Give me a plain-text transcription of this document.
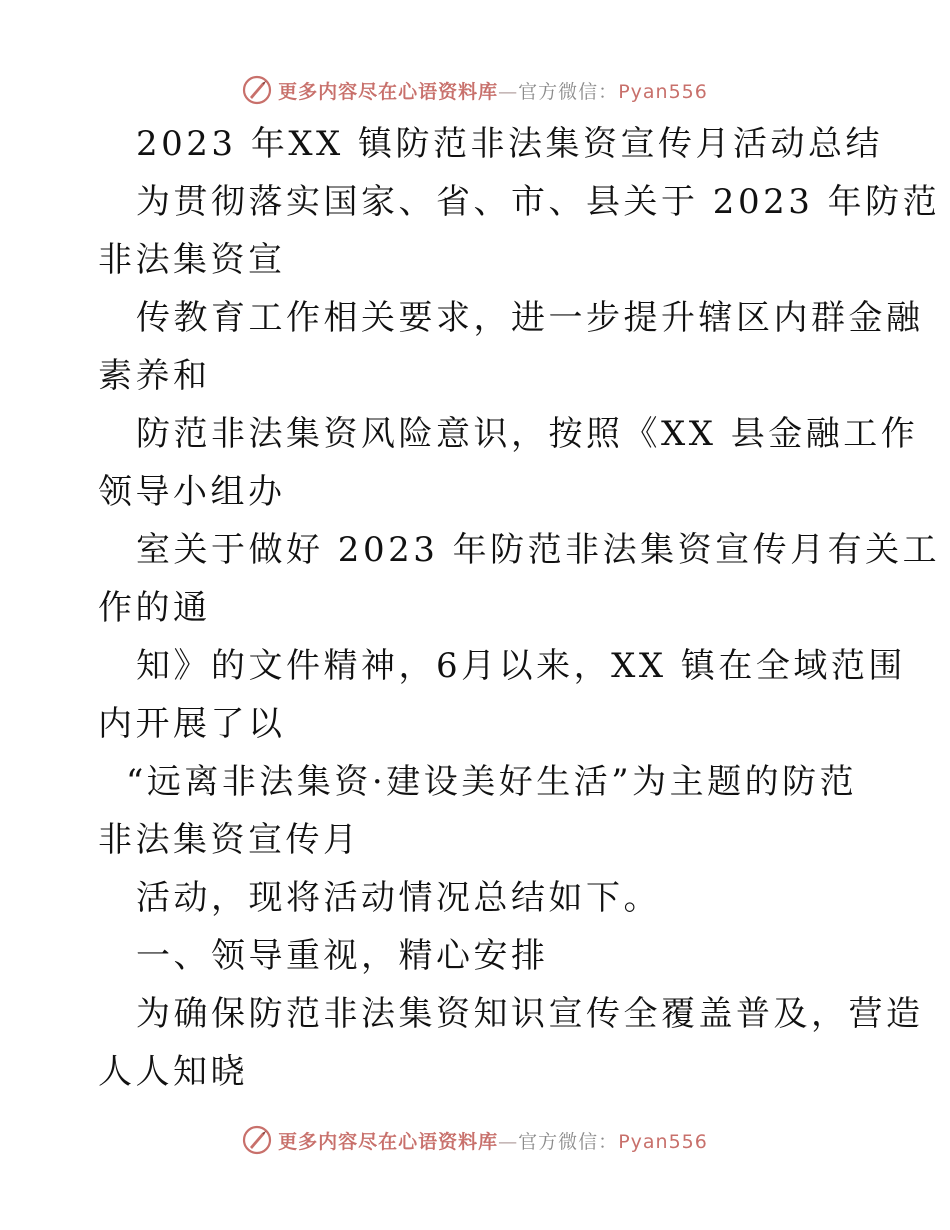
更多内容尽在心语资料库—官方微信：Pyan556
2023 年XX 镇防范非法集资宣传月活动总结
为贯彻落实国家、省、市、县关于 2023 年防范
非法集资宣
传教育工作相关要求，进一步提升辖区内群金融
素养和
防范非法集资风险意识，按照《XX 县金融工作
领导小组办
室关于做好 2023 年防范非法集资宣传月有关工
作的通
知》的文件精神，6月以来，XX 镇在全域范围
内开展了以
“远离非法集资·建设美好生活”为主题的防范
非法集资宣传月
活动，现将活动情况总结如下。
一、领导重视，精心安排
为确保防范非法集资知识宣传全覆盖普及，营造
人人知晓
更多内容尽在心语资料库—官方微信：Pyan556
